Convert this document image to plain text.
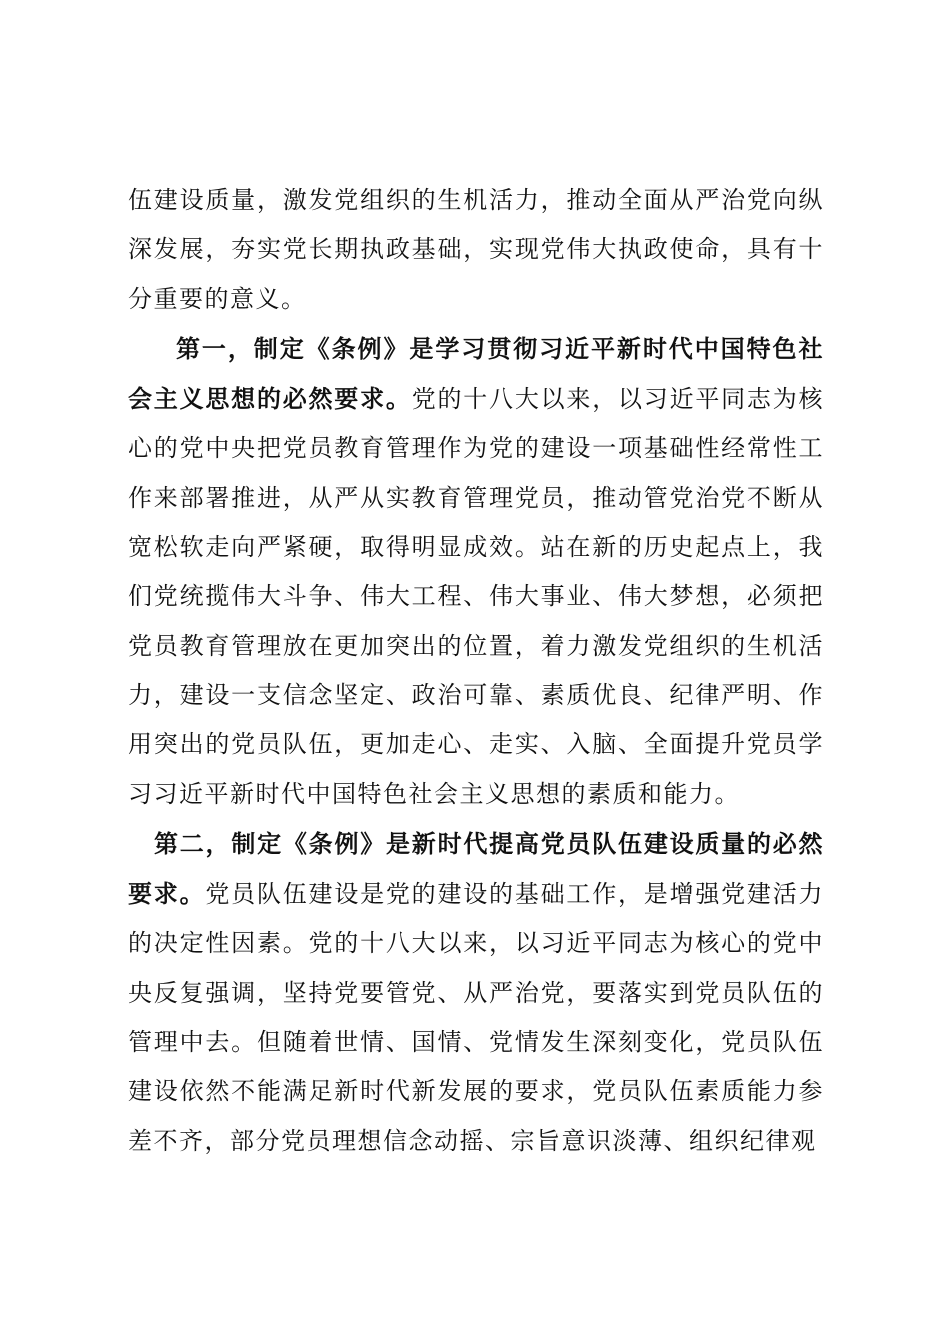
伍建设质量，激发党组织的生机活力，推动全面从严治党向纵深发展，夯实党长期执政基础，实现党伟大执政使命，具有十分重要的意义。

第一，制定《条例》是学习贯彻习近平新时代中国特色社会主义思想的必然要求。党的十八大以来，以习近平同志为核心的党中央把党员教育管理作为党的建设一项基础性经常性工作来部署推进，从严从实教育管理党员，推动管党治党不断从宽松软走向严紧硬，取得明显成效。站在新的历史起点上，我们党统揽伟大斗争、伟大工程、伟大事业、伟大梦想，必须把党员教育管理放在更加突出的位置，着力激发党组织的生机活力，建设一支信念坚定、政治可靠、素质优良、纪律严明、作用突出的党员队伍，更加走心、走实、入脑、全面提升党员学习习近平新时代中国特色社会主义思想的素质和能力。

第二，制定《条例》是新时代提高党员队伍建设质量的必然要求。党员队伍建设是党的建设的基础工作，是增强党建活力的决定性因素。党的十八大以来，以习近平同志为核心的党中央反复强调，坚持党要管党、从严治党，要落实到党员队伍的管理中去。但随着世情、国情、党情发生深刻变化，党员队伍建设依然不能满足新时代新发展的要求，党员队伍素质能力参差不齐，部分党员理想信念动摇、宗旨意识淡薄、组织纪律观
